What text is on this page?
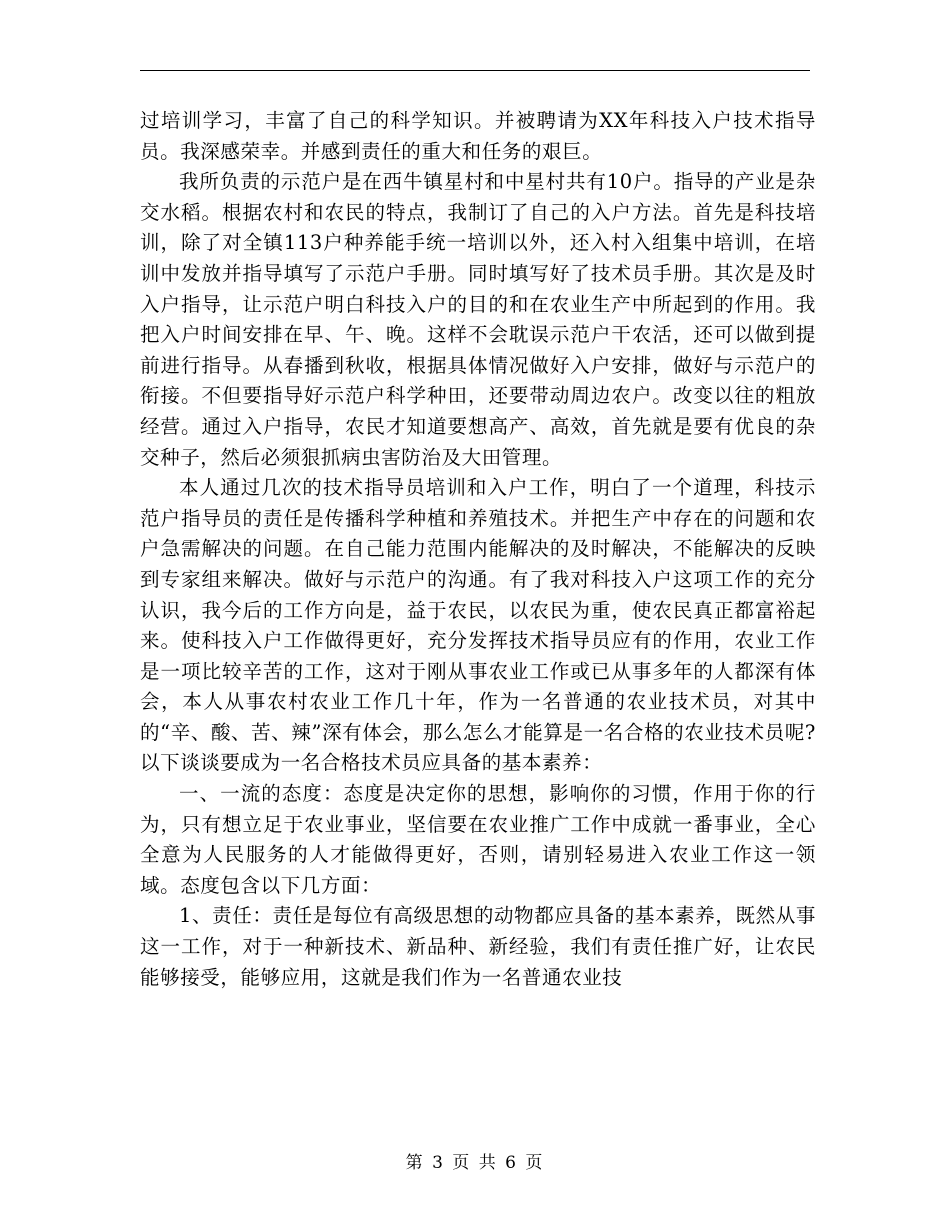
过培训学习，丰富了自己的科学知识。并被聘请为XX年科技入户技术指导员。我深感荣幸。并感到责任的重大和任务的艰巨。

我所负责的示范户是在西牛镇星村和中星村共有10户。指导的产业是杂交水稻。根据农村和农民的特点，我制订了自己的入户方法。首先是科技培训，除了对全镇113户种养能手统一培训以外，还入村入组集中培训，在培训中发放并指导填写了示范户手册。同时填写好了技术员手册。其次是及时入户指导，让示范户明白科技入户的目的和在农业生产中所起到的作用。我把入户时间安排在早、午、晚。这样不会耽误示范户干农活，还可以做到提前进行指导。从春播到秋收，根据具体情况做好入户安排，做好与示范户的衔接。不但要指导好示范户科学种田，还要带动周边农户。改变以往的粗放经营。通过入户指导，农民才知道要想高产、高效，首先就是要有优良的杂交种子，然后必须狠抓病虫害防治及大田管理。

本人通过几次的技术指导员培训和入户工作，明白了一个道理，科技示范户指导员的责任是传播科学种植和养殖技术。并把生产中存在的问题和农户急需解决的问题。在自己能力范围内能解决的及时解决，不能解决的反映到专家组来解决。做好与示范户的沟通。有了我对科技入户这项工作的充分认识，我今后的工作方向是，益于农民，以农民为重，使农民真正都富裕起来。使科技入户工作做得更好，充分发挥技术指导员应有的作用，农业工作是一项比较辛苦的工作，这对于刚从事农业工作或已从事多年的人都深有体会，本人从事农村农业工作几十年，作为一名普通的农业技术员，对其中的“辛、酸、苦、辣”深有体会，那么怎么才能算是一名合格的农业技术员呢?以下谈谈要成为一名合格技术员应具备的基本素养：

一、一流的态度：态度是决定你的思想，影响你的习惯，作用于你的行为，只有想立足于农业事业，坚信要在农业推广工作中成就一番事业，全心全意为人民服务的人才能做得更好，否则，请别轻易进入农业工作这一领域。态度包含以下几方面：

1、责任：责任是每位有高级思想的动物都应具备的基本素养，既然从事这一工作，对于一种新技术、新品种、新经验，我们有责任推广好，让农民能够接受，能够应用，这就是我们作为一名普通农业技

第 3 页 共 6 页
